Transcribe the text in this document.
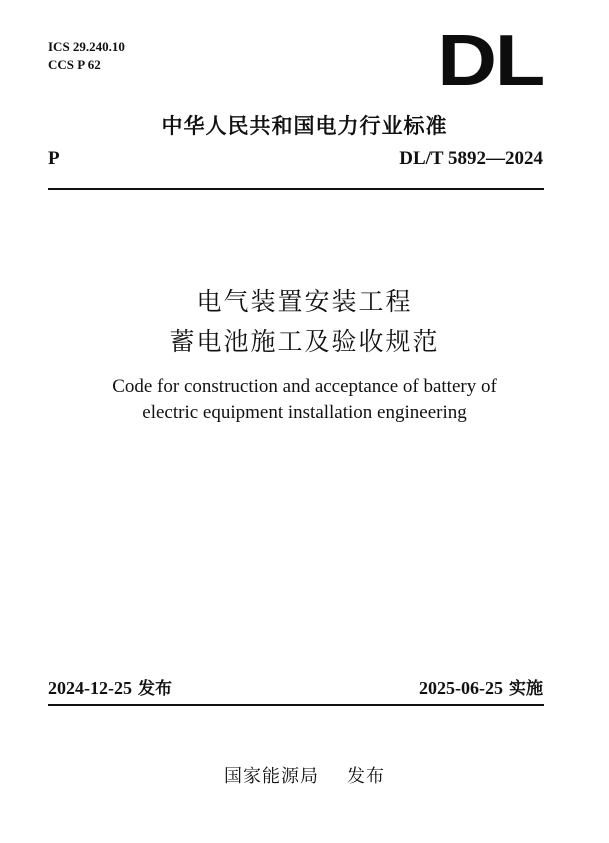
ICS 29.240.10
CCS P 62	DL
中华人民共和国电力行业标准
P	DL/T 5892—2024
电气装置安装工程
蓄电池施工及验收规范
Code for construction and acceptance of battery of
electric equipment installation engineering
2024-12-25 发布	2025-06-25 实施
国家能源局 发布
